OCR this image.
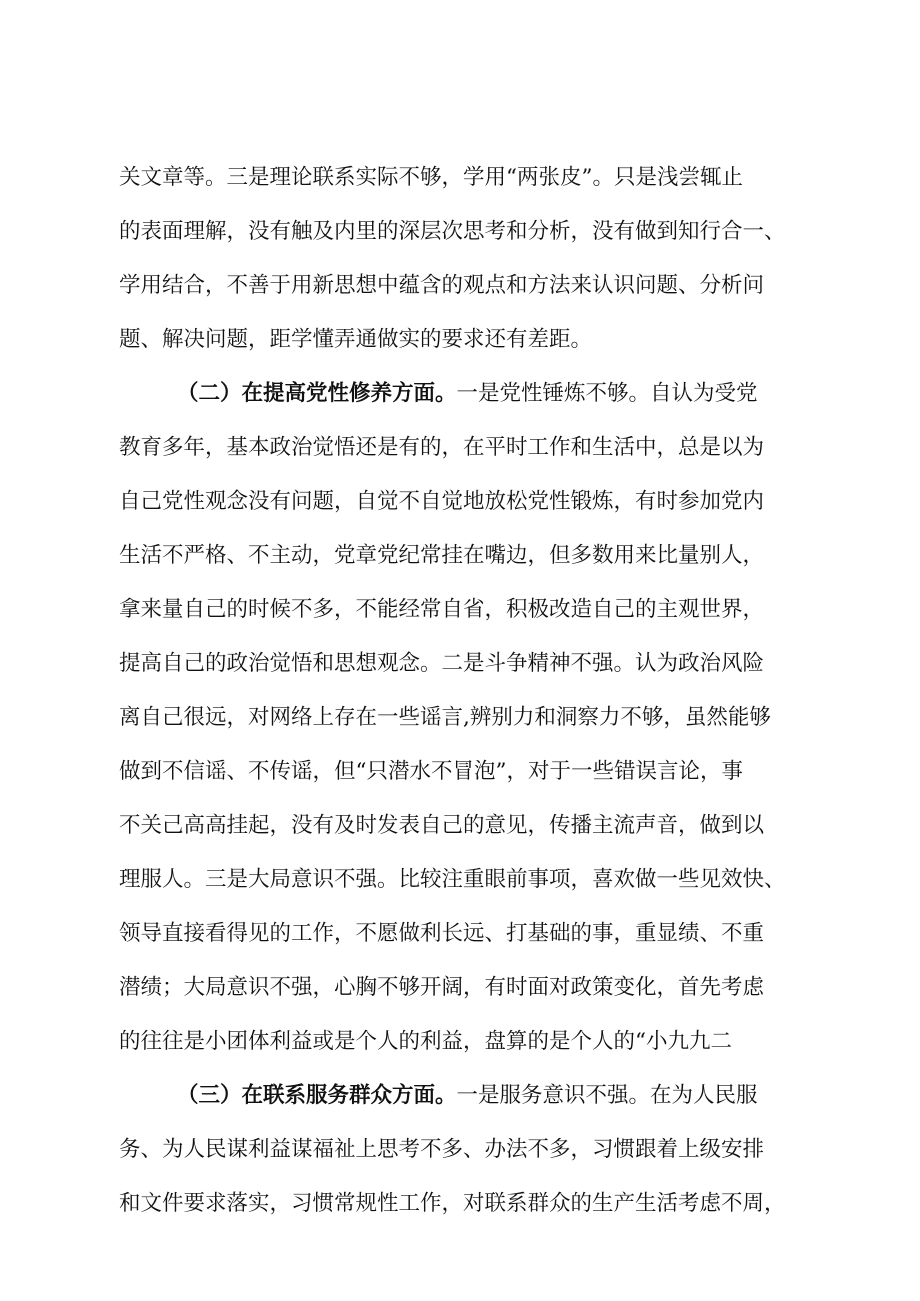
关文章等。三是理论联系实际不够，学用“两张皮”。只是浅尝辄止
的表面理解，没有触及内里的深层次思考和分析，没有做到知行合一、
学用结合，不善于用新思想中蕴含的观点和方法来认识问题、分析问
题、解决问题，距学懂弄通做实的要求还有差距。
（二）在提高党性修养方面。一是党性锤炼不够。自认为受党
教育多年，基本政治觉悟还是有的，在平时工作和生活中，总是以为
自己党性观念没有问题，自觉不自觉地放松党性锻炼，有时参加党内
生活不严格、不主动，党章党纪常挂在嘴边，但多数用来比量别人，
拿来量自己的时候不多，不能经常自省，积极改造自己的主观世界，
提高自己的政治觉悟和思想观念。二是斗争精神不强。认为政治风险
离自己很远，对网络上存在一些谣言,辨别力和洞察力不够，虽然能够
做到不信谣、不传谣，但“只潜水不冒泡”，对于一些错误言论，事
不关己高高挂起，没有及时发表自己的意见，传播主流声音，做到以
理服人。三是大局意识不强。比较注重眼前事项，喜欢做一些见效快、
领导直接看得见的工作，不愿做利长远、打基础的事，重显绩、不重
潜绩；大局意识不强，心胸不够开阔，有时面对政策变化，首先考虑
的往往是小团体利益或是个人的利益，盘算的是个人的“小九九二
（三）在联系服务群众方面。一是服务意识不强。在为人民服
务、为人民谋利益谋福祉上思考不多、办法不多，习惯跟着上级安排
和文件要求落实，习惯常规性工作，对联系群众的生产生活考虑不周，
